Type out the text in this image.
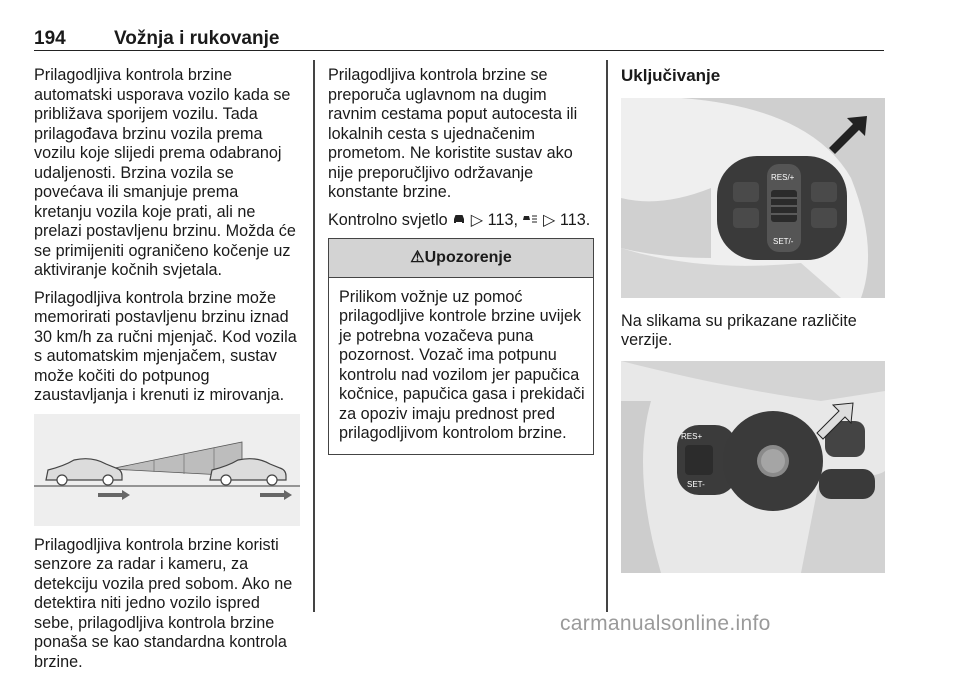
194	Vožnja i rukovanje

Prilagodljiva kontrola brzine automatski usporava vozilo kada se približava sporijem vozilu. Tada prilagođava brzinu vozila prema vozilu koje slijedi prema odabranoj udaljenosti. Brzina vozila se povećava ili smanjuje prema kretanju vozila koje prati, ali ne prelazi postavljenu brzinu. Možda će se primijeniti ograničeno kočenje uz aktiviranje kočnih svjetala.

Prilagodljiva kontrola brzine može memorirati postavljenu brzinu iznad 30 km/h za ručni mjenjač. Kod vozila s automatskim mjenjačem, sustav može kočiti do potpunog zaustavljanja i krenuti iz mirovanja.

Prilagodljiva kontrola brzine koristi senzore za radar i kameru, za detekciju vozila pred sobom. Ako ne detektira niti jedno vozilo ispred sebe, prilagodljiva kontrola brzine ponaša se kao standardna kontrola brzine.

Prilagodljiva kontrola brzine se preporuča uglavnom na dugim ravnim cestama poput autocesta ili lokalnih cesta s ujednačenim prometom. Ne koristite sustav ako nije preporučljivo održavanje konstante brzine.

Kontrolno svjetlo ▷ 113, ▷ 113.

⚠Upozorenje
Prilikom vožnje uz pomoć prilagodljive kontrole brzine uvijek je potrebna vozačeva puna pozornost. Vozač ima potpunu kontrolu nad vozilom jer papučica kočnice, papučica gasa i prekidači za opoziv imaju prednost pred prilagodljivom kontrolom brzine.
Uključivanje
RES/+
SET/-

Na slikama su prikazane različite verzije.

RES+
SET-
carmanualsonline.info
